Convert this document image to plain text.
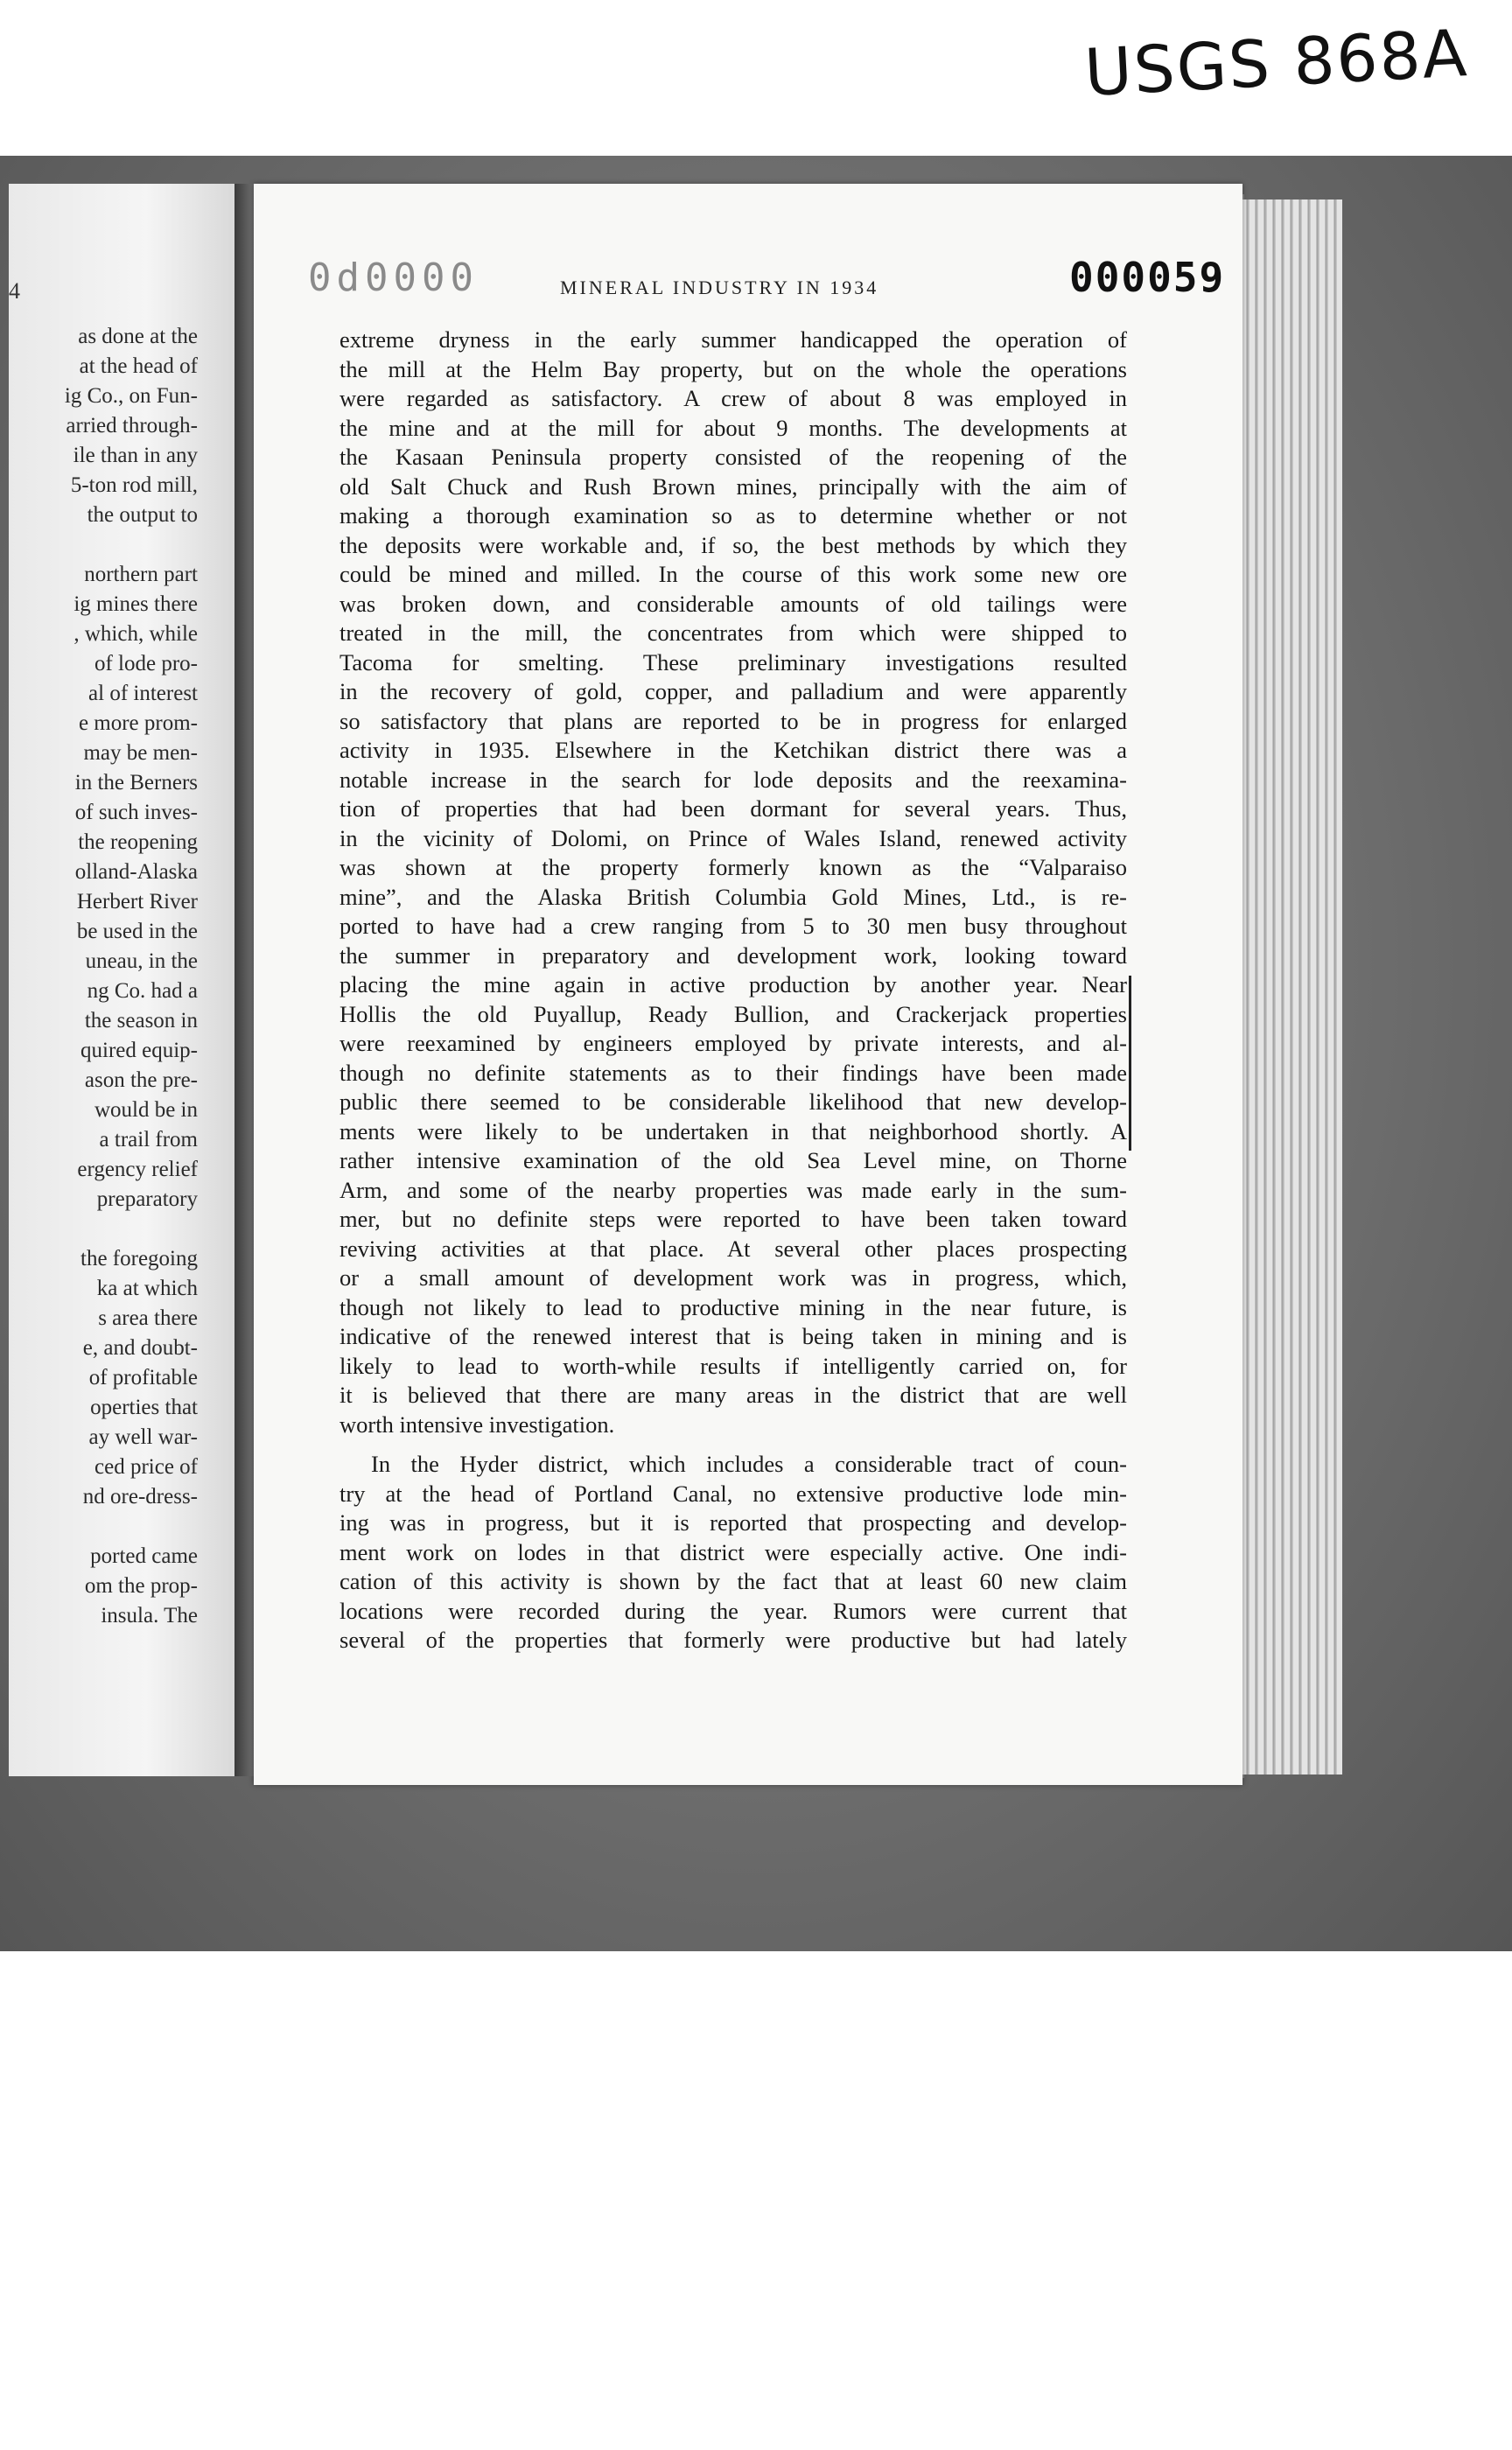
USGS 868A
4
as done at the
at the head of
ig Co., on Fun-
arried through-
ile than in any
5-ton rod mill,
the output to
northern part
ig mines there
, which, while
of lode pro-
al of interest
e more prom-
may be men-
in the Berners
of such inves-
the reopening
olland-Alaska
Herbert River
be used in the
uneau, in the
ng Co. had a
the season in
quired equip-
ason the pre-
would be in
a trail from
ergency relief
preparatory
the foregoing
ka at which
s area there
e, and doubt-
of profitable
operties that
ay well war-
ced price of
nd ore-dress-
ported came
om the prop-
insula. The
0d0000	000059
MINERAL INDUSTRY IN 1934
extreme dryness in the early summer handicapped the operation of
the mill at the Helm Bay property, but on the whole the operations
were regarded as satisfactory. A crew of about 8 was employed in
the mine and at the mill for about 9 months. The developments at
the Kasaan Peninsula property consisted of the reopening of the
old Salt Chuck and Rush Brown mines, principally with the aim of
making a thorough examination so as to determine whether or not
the deposits were workable and, if so, the best methods by which they
could be mined and milled. In the course of this work some new ore
was broken down, and considerable amounts of old tailings were
treated in the mill, the concentrates from which were shipped to
Tacoma for smelting. These preliminary investigations resulted
in the recovery of gold, copper, and palladium and were apparently
so satisfactory that plans are reported to be in progress for enlarged
activity in 1935. Elsewhere in the Ketchikan district there was a
notable increase in the search for lode deposits and the reexamina-
tion of properties that had been dormant for several years. Thus,
in the vicinity of Dolomi, on Prince of Wales Island, renewed activity
was shown at the property formerly known as the “Valparaiso
mine”, and the Alaska British Columbia Gold Mines, Ltd., is re-
ported to have had a crew ranging from 5 to 30 men busy throughout
the summer in preparatory and development work, looking toward
placing the mine again in active production by another year. Near
Hollis the old Puyallup, Ready Bullion, and Crackerjack properties
were reexamined by engineers employed by private interests, and al-
though no definite statements as to their findings have been made
public there seemed to be considerable likelihood that new develop-
ments were likely to be undertaken in that neighborhood shortly. A
rather intensive examination of the old Sea Level mine, on Thorne
Arm, and some of the nearby properties was made early in the sum-
mer, but no definite steps were reported to have been taken toward
reviving activities at that place. At several other places prospecting
or a small amount of development work was in progress, which,
though not likely to lead to productive mining in the near future, is
indicative of the renewed interest that is being taken in mining and is
likely to lead to worth-while results if intelligently carried on, for
it is believed that there are many areas in the district that are well
worth intensive investigation.
In the Hyder district, which includes a considerable tract of coun-
try at the head of Portland Canal, no extensive productive lode min-
ing was in progress, but it is reported that prospecting and develop-
ment work on lodes in that district were especially active. One indi-
cation of this activity is shown by the fact that at least 60 new claim
locations were recorded during the year. Rumors were current that
several of the properties that formerly were productive but had lately
